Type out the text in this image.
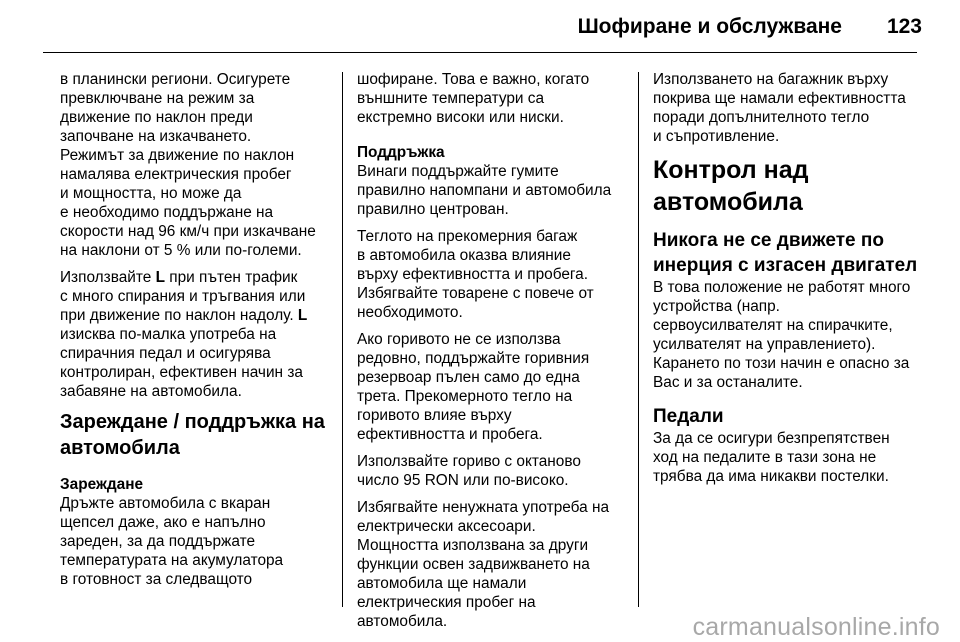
Шофиране и обслужване 123

в планински региони. Осигурете
превключване на режим за
движение по наклон преди
започване на изкачването.
Режимът за движение по наклон
намалява електрическия пробег
и мощността, но може да
е необходимо поддържане на
скорости над 96 км/ч при изкачване
на наклони от 5 % или по-големи.

Използвайте L при пътен трафик
с много спирания и тръгвания или
при движение по наклон надолу. L
изисква по-малка употреба на
спирачния педал и осигурява
контролиран, ефективен начин за
забавяне на автомобила.

Зареждане / поддръжка на
автомобила
Зареждане

Дръжте автомобила с вкаран
щепсел даже, ако е напълно
зареден, за да поддържате
температурата на акумулатора
в готовност за следващото

шофиране. Това е важно, когато
външните температури са
екстремно високи или ниски.

Поддръжка

Винаги поддържайте гумите
правилно напомпани и автомобила
правилно центрован.

Теглото на прекомерния багаж
в автомобила оказва влияние
върху ефективността и пробега.
Избягвайте товарене с повече от
необходимото.

Ако горивото не се използва
редовно, поддържайте горивния
резервоар пълен само до една
трета. Прекомерното тегло на
горивото влияе върху
ефективността и пробега.

Използвайте гориво с октаново
число 95 RON или по-високо.

Избягвайте ненужната употреба на
електрически аксесоари.
Мощността използвана за други
функции освен задвижването на
автомобила ще намали
електрическия пробег на
автомобила.

Използването на багажник върху
покрива ще намали ефективността
поради допълнителното тегло
и съпротивление.

Контрол над автомобила
Никога не се движете по
инерция с изгасен двигател

В това положение не работят много
устройства (напр.
сервоусилвателят на спирачките,
усилвателят на управлението).
Карането по този начин е опасно за
Вас и за останалите.

Педали

За да се осигури безпрепятствен
ход на педалите в тази зона не
трябва да има никакви постелки.

carmanualsonline.info
